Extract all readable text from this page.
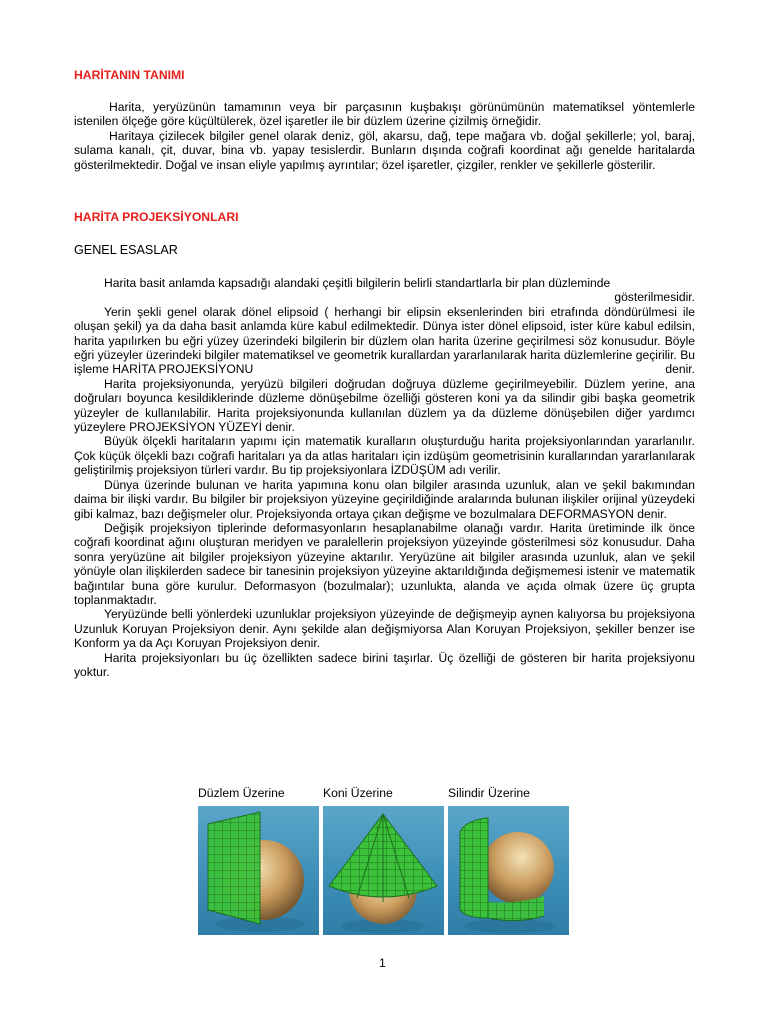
HARİTANIN TANIMI

Harita, yeryüzünün tamamının veya bir parçasının kuşbakışı görünümünün matematiksel yöntemlerle istenilen ölçeğe göre küçültülerek, özel işaretler ile bir düzlem üzerine çizilmiş örneğidir.

Haritaya çizilecek bilgiler genel olarak deniz, göl, akarsu, dağ, tepe mağara vb. doğal şekillerle; yol, baraj, sulama kanalı, çit, duvar, bina vb. yapay tesislerdir. Bunların dışında coğrafi koordinat ağı genelde haritalarda gösterilmektedir. Doğal ve insan eliyle yapılmış ayrıntılar; özel işaretler, çizgiler, renkler ve şekillerle gösterilir.

HARİTA PROJEKSİYONLARI
GENEL ESASLAR

Harita basit anlamda kapsadığı alandaki çeşitli bilgilerin belirli standartlarla bir plan düzleminde
gösterilmesidir.

Yerin şekli genel olarak dönel elipsoid ( herhangi bir elipsin eksenlerinden biri etrafında döndürülmesi ile oluşan şekil) ya da daha basit anlamda küre kabul edilmektedir. Dünya ister dönel elipsoid, ister küre kabul edilsin, harita yapılırken bu eğri yüzey üzerindeki bilgilerin bir düzlem olan harita üzerine geçirilmesi söz konusudur. Böyle eğri yüzeyler üzerindeki bilgiler matematiksel ve geometrik kurallardan yararlanılarak harita düzlemlerine geçirilir. Bu işleme HARİTA PROJEKSİYONU	denir.

Harita projeksiyonunda, yeryüzü bilgileri doğrudan doğruya düzleme geçirilmeyebilir. Düzlem yerine, ana doğruları boyunca kesildiklerinde düzleme dönüşebilme özelliği gösteren koni ya da silindir gibi başka geometrik yüzeyler de kullanılabilir. Harita projeksiyonunda kullanılan düzlem ya da düzleme dönüşebilen diğer yardımcı yüzeylere PROJEKSİYON YÜZEYİ denir.

Büyük ölçekli haritaların yapımı için matematik kuralların oluşturduğu harita projeksiyonlarından yararlanılır. Çok küçük ölçekli bazı coğrafi haritaları ya da atlas haritaları için izdüşüm geometrisinin kurallarından yararlanılarak geliştirilmiş projeksiyon türleri vardır. Bu tip projeksiyonlara İZDÜŞÜM adı verilir.

Dünya üzerinde bulunan ve harita yapımına konu olan bilgiler arasında uzunluk, alan ve şekil bakımından daima bir ilişki vardır. Bu bilgiler bir projeksiyon yüzeyine geçirildiğinde aralarında bulunan ilişkiler orijinal yüzeydeki gibi kalmaz, bazı değişmeler olur. Projeksiyonda ortaya çıkan değişme ve bozulmalara DEFORMASYON denir.

Değişik projeksiyon tiplerinde deformasyonların hesaplanabilme olanağı vardır. Harita üretiminde ilk önce coğrafi koordinat ağını oluşturan meridyen ve paralellerin projeksiyon yüzeyinde gösterilmesi söz konusudur. Daha sonra yeryüzüne ait bilgiler projeksiyon yüzeyine aktarılır. Yeryüzüne ait bilgiler arasında uzunluk, alan ve şekil yönüyle olan ilişkilerden sadece bir tanesinin projeksiyon yüzeyine aktarıldığında değişmemesi istenir ve matematik bağıntılar buna göre kurulur. Deformasyon (bozulmalar); uzunlukta, alanda ve açıda olmak üzere üç grupta toplanmaktadır.

Yeryüzünde belli yönlerdeki uzunluklar projeksiyon yüzeyinde de değişmeyip aynen kalıyorsa bu projeksiyona Uzunluk Koruyan Projeksiyon denir. Aynı şekilde alan değişmiyorsa Alan Koruyan Projeksiyon, şekiller benzer ise Konform ya da Açı Koruyan Projeksiyon denir.

Harita projeksiyonları bu üç özellikten sadece birini taşırlar. Üç özelliği de gösteren bir harita projeksiyonu yoktur.

Düzlem Üzerine	Koni Üzerine	Silindir Üzerine
1
